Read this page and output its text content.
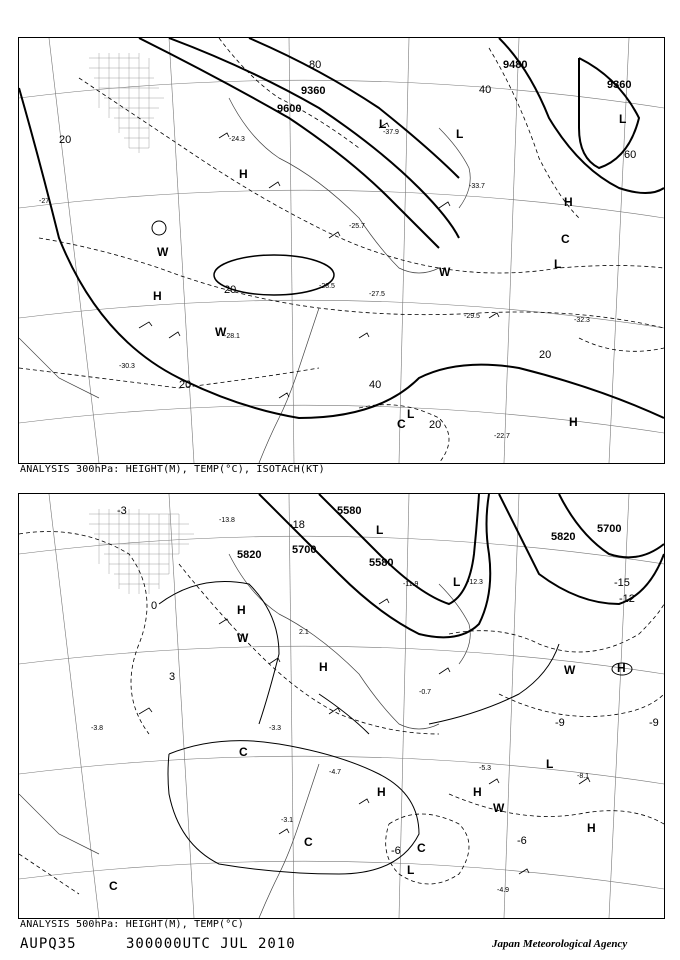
9360
9600
9480
9360
20
20
20
20
20
40
40
60
80
H
H
H
H
L
L
L
L
L
C
C
W
W
W
-27
-24.3
-28.5
-27.5
-32.3
-29.5
-22.7
-30.3
-37.9
-33.7
-28.1
-25.7
ANALYSIS 300hPa: HEIGHT(M), TEMP(°C), ISOTACH(KT)
5820	5700
5580
5820
5700
5580
-3
-6
-6
-9	-9
-12
-15
-18
0
3
H
H
H	H
H
H
L
L
L
L
C
C
C
C
W
W
W
-3.3
-4.7
-5.3
-8.1
-4.9
-3.1
-0.7
-12.3
-11.9
-13.8
2.1
-3.8
ANALYSIS 500hPa: HEIGHT(M), TEMP(°C)
AUPQ35	300000UTC JUL 2010	Japan Meteorological Agency
